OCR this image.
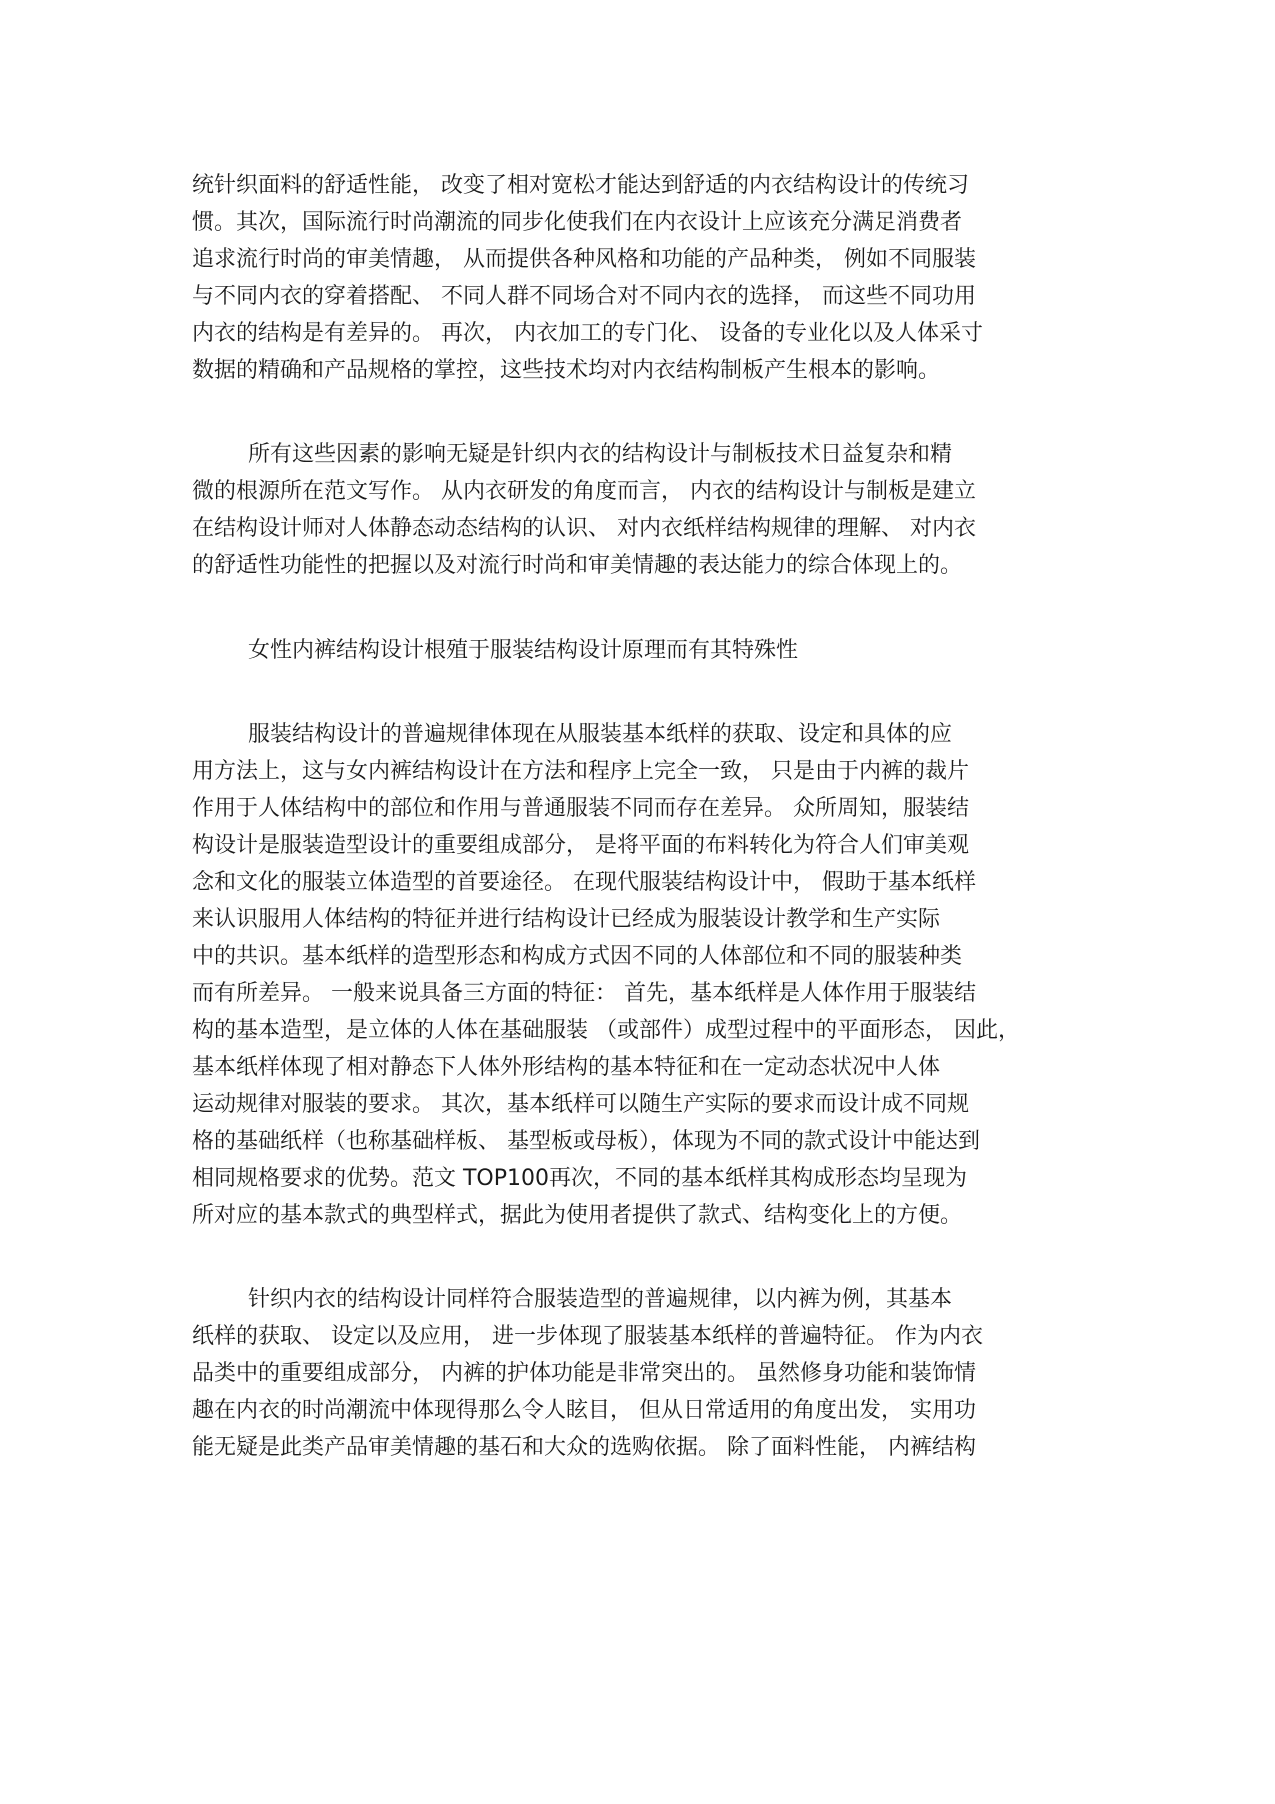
统针织面料的舒适性能， 改变了相对宽松才能达到舒适的内衣结构设计的传统习

惯。其次，国际流行时尚潮流的同步化使我们在内衣设计上应该充分满足消费者

追求流行时尚的审美情趣， 从而提供各种风格和功能的产品种类， 例如不同服装

与不同内衣的穿着搭配、 不同人群不同场合对不同内衣的选择， 而这些不同功用

内衣的结构是有差异的。 再次， 内衣加工的专门化、 设备的专业化以及人体采寸

数据的精确和产品规格的掌控，这些技术均对内衣结构制板产生根本的影响。

所有这些因素的影响无疑是针织内衣的结构设计与制板技术日益复杂和精

微的根源所在范文写作。 从内衣研发的角度而言， 内衣的结构设计与制板是建立

在结构设计师对人体静态动态结构的认识、 对内衣纸样结构规律的理解、 对内衣

的舒适性功能性的把握以及对流行时尚和审美情趣的表达能力的综合体现上的。

女性内裤结构设计根殖于服装结构设计原理而有其特殊性

服装结构设计的普遍规律体现在从服装基本纸样的获取、设定和具体的应

用方法上，这与女内裤结构设计在方法和程序上完全一致， 只是由于内裤的裁片

作用于人体结构中的部位和作用与普通服装不同而存在差异。 众所周知，服装结

构设计是服装造型设计的重要组成部分， 是将平面的布料转化为符合人们审美观

念和文化的服装立体造型的首要途径。 在现代服装结构设计中， 假助于基本纸样

来认识服用人体结构的特征并进行结构设计已经成为服装设计教学和生产实际

中的共识。基本纸样的造型形态和构成方式因不同的人体部位和不同的服装种类

而有所差异。 一般来说具备三方面的特征： 首先，基本纸样是人体作用于服装结

构的基本造型，是立体的人体在基础服装 （或部件）成型过程中的平面形态， 因此，

基本纸样体现了相对静态下人体外形结构的基本特征和在一定动态状况中人体

运动规律对服装的要求。 其次，基本纸样可以随生产实际的要求而设计成不同规

格的基础纸样（也称基础样板、 基型板或母板），体现为不同的款式设计中能达到

相同规格要求的优势。范文 TOP100再次，不同的基本纸样其构成形态均呈现为

所对应的基本款式的典型样式，据此为使用者提供了款式、结构变化上的方便。

针织内衣的结构设计同样符合服装造型的普遍规律，以内裤为例，其基本

纸样的获取、 设定以及应用， 进一步体现了服装基本纸样的普遍特征。 作为内衣

品类中的重要组成部分， 内裤的护体功能是非常突出的。 虽然修身功能和装饰情

趣在内衣的时尚潮流中体现得那么令人眩目， 但从日常适用的角度出发， 实用功

能无疑是此类产品审美情趣的基石和大众的选购依据。 除了面料性能， 内裤结构
